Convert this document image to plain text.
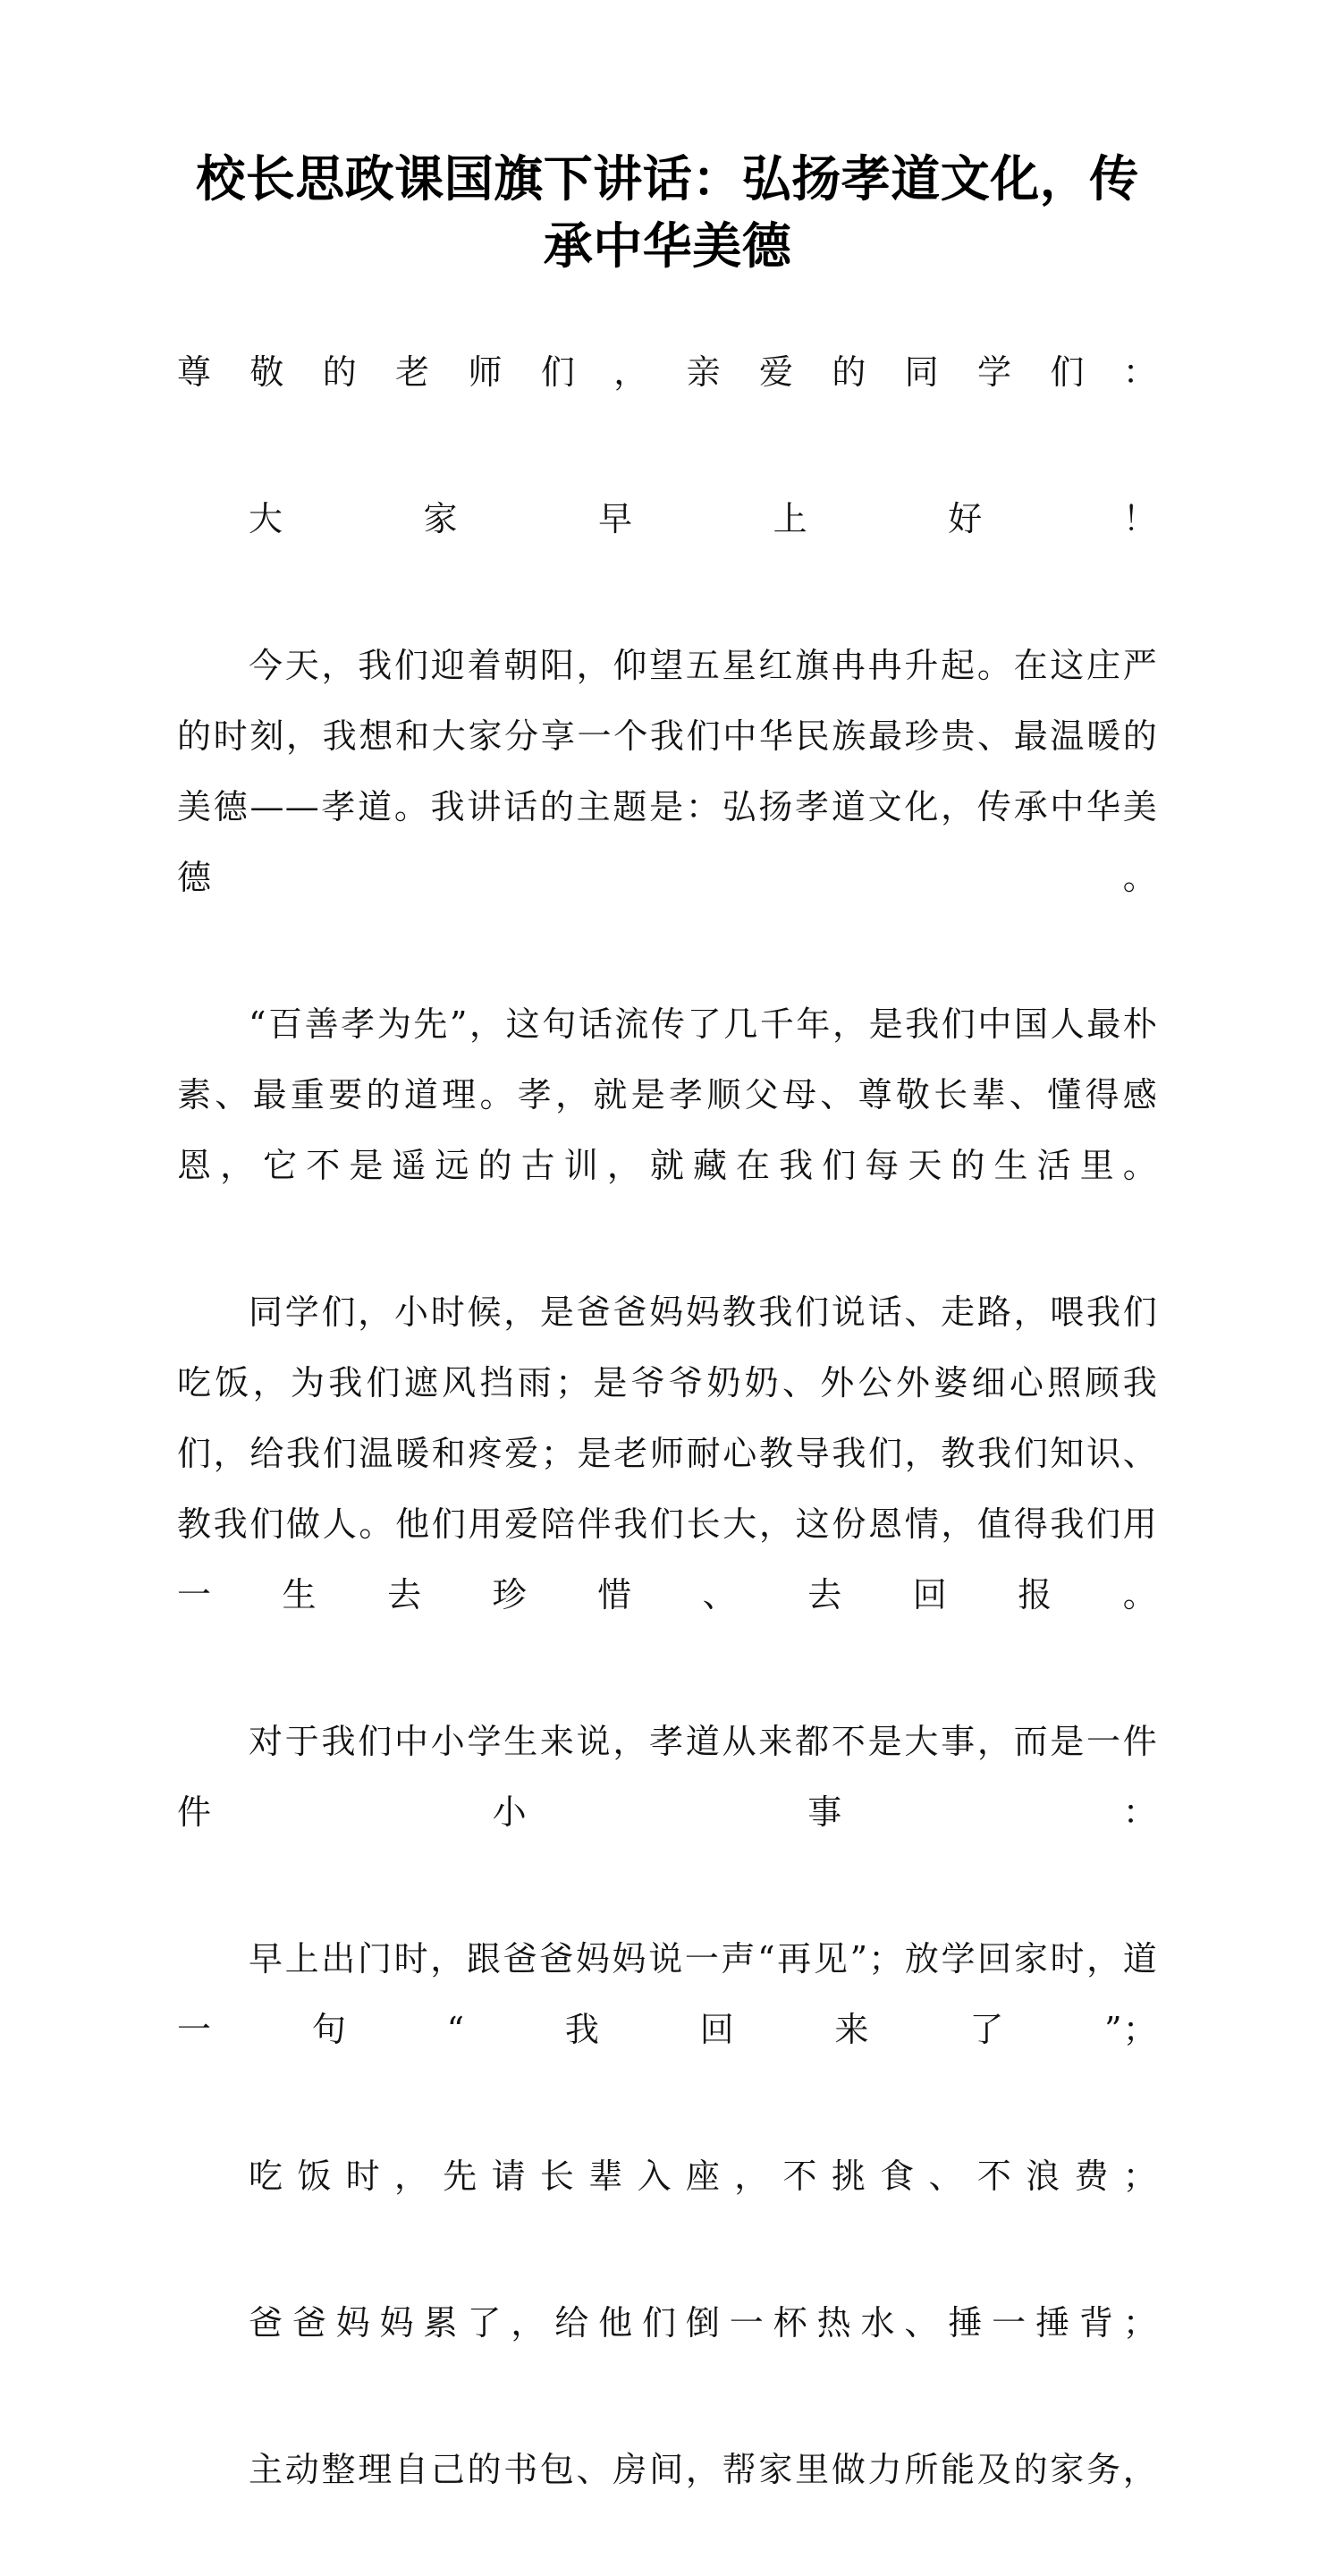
校长思政课国旗下讲话：弘扬孝道文化，传承中华美德

尊敬的老师们，亲爱的同学们：

大家早上好！

今天，我们迎着朝阳，仰望五星红旗冉冉升起。在这庄严的时刻，我想和大家分享一个我们中华民族最珍贵、最温暖的美德——孝道。我讲话的主题是：弘扬孝道文化，传承中华美德。

“百善孝为先”，这句话流传了几千年，是我们中国人最朴素、最重要的道理。孝，就是孝顺父母、尊敬长辈、懂得感恩，它不是遥远的古训，就藏在我们每天的生活里。

同学们，小时候，是爸爸妈妈教我们说话、走路，喂我们吃饭，为我们遮风挡雨；是爷爷奶奶、外公外婆细心照顾我们，给我们温暖和疼爱；是老师耐心教导我们，教我们知识、教我们做人。他们用爱陪伴我们长大，这份恩情，值得我们用一生去珍惜、去回报。

对于我们中小学生来说，孝道从来都不是大事，而是一件件小事：

早上出门时，跟爸爸妈妈说一声“再见”；放学回家时，道一句“我回来了”；

吃饭时，先请长辈入座，不挑食、不浪费；

爸爸妈妈累了，给他们倒一杯热水、捶一捶背；

主动整理自己的书包、房间，帮家里做力所能及的家务，
